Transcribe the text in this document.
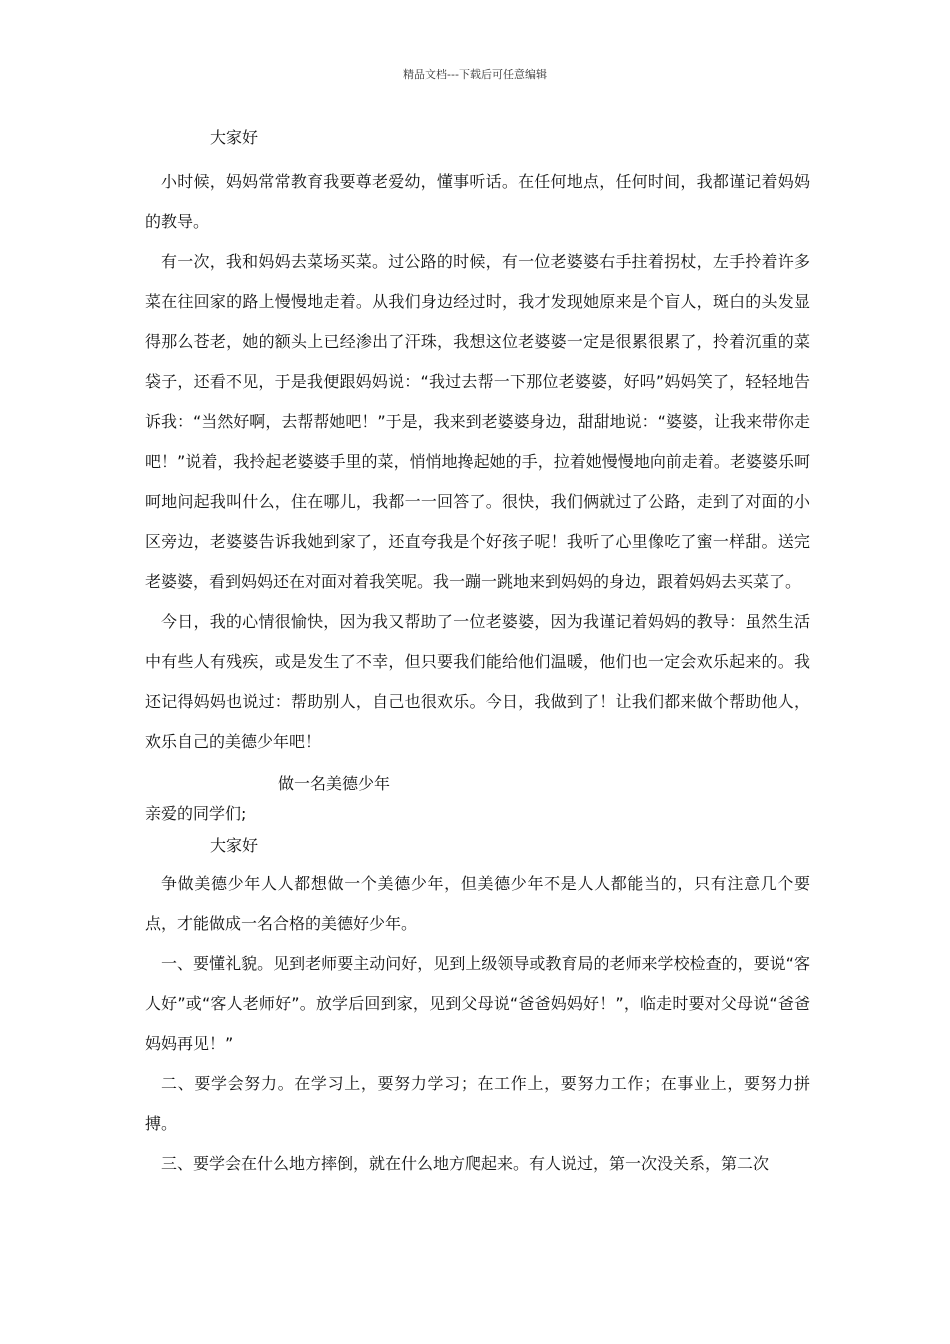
精品文档---下载后可任意编辑

大家好

小时候，妈妈常常教育我要尊老爱幼，懂事听话。在任何地点，任何时间，我都谨记着妈妈的教导。

有一次，我和妈妈去菜场买菜。过公路的时候，有一位老婆婆右手拄着拐杖，左手拎着许多菜在往回家的路上慢慢地走着。从我们身边经过时，我才发现她原来是个盲人，斑白的头发显得那么苍老，她的额头上已经渗出了汗珠，我想这位老婆婆一定是很累很累了，拎着沉重的菜袋子，还看不见，于是我便跟妈妈说：“我过去帮一下那位老婆婆，好吗”妈妈笑了，轻轻地告诉我：“当然好啊，去帮帮她吧！”于是，我来到老婆婆身边，甜甜地说：“婆婆，让我来带你走吧！”说着，我拎起老婆婆手里的菜，悄悄地搀起她的手，拉着她慢慢地向前走着。老婆婆乐呵呵地问起我叫什么，住在哪儿，我都一一回答了。很快，我们俩就过了公路，走到了对面的小区旁边，老婆婆告诉我她到家了，还直夸我是个好孩子呢！我听了心里像吃了蜜一样甜。送完老婆婆，看到妈妈还在对面对着我笑呢。我一蹦一跳地来到妈妈的身边，跟着妈妈去买菜了。

今日，我的心情很愉快，因为我又帮助了一位老婆婆，因为我谨记着妈妈的教导：虽然生活中有些人有残疾，或是发生了不幸，但只要我们能给他们温暖，他们也一定会欢乐起来的。我还记得妈妈也说过：帮助别人，自己也很欢乐。今日，我做到了！让我们都来做个帮助他人，欢乐自己的美德少年吧！

做一名美德少年

亲爱的同学们;

大家好

争做美德少年人人都想做一个美德少年，但美德少年不是人人都能当的，只有注意几个要点，才能做成一名合格的美德好少年。

一、要懂礼貌。见到老师要主动问好，见到上级领导或教育局的老师来学校检查的，要说“客人好”或“客人老师好”。放学后回到家，见到父母说“爸爸妈妈好！”，临走时要对父母说“爸爸妈妈再见！”

二、要学会努力。在学习上，要努力学习；在工作上，要努力工作；在事业上，要努力拼搏。

三、要学会在什么地方摔倒，就在什么地方爬起来。有人说过，第一次没关系，第二次
